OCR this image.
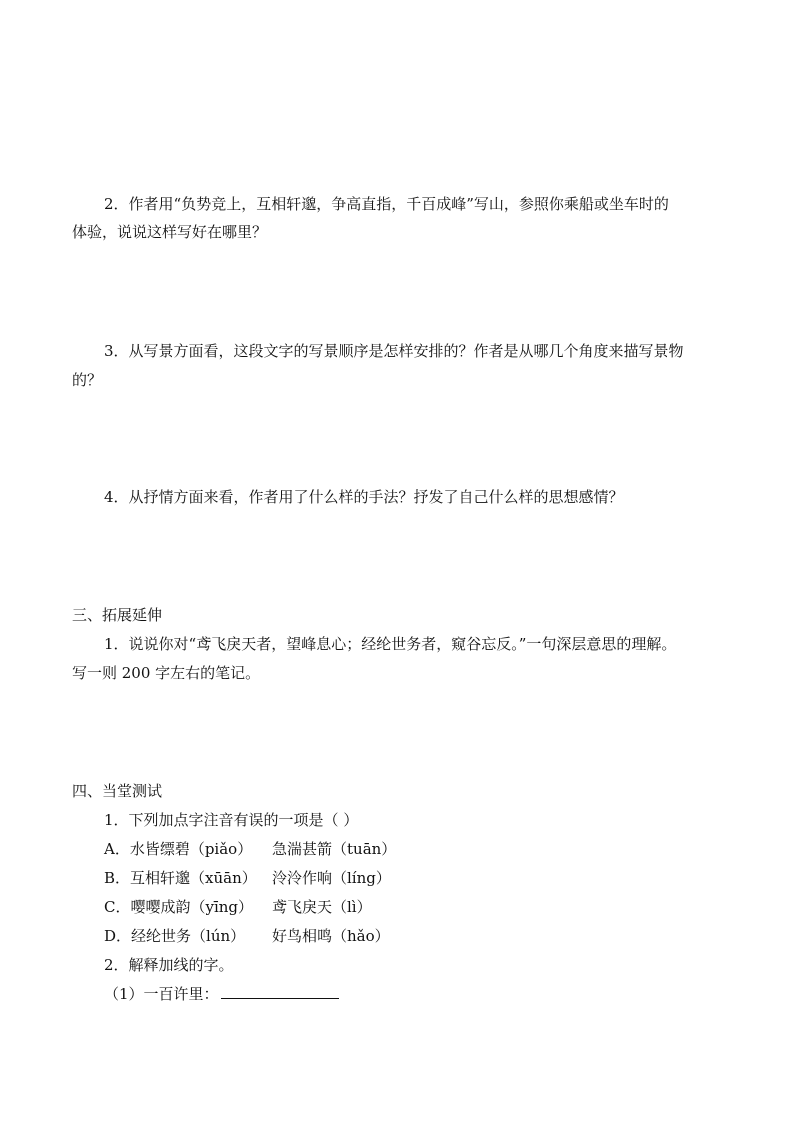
2．作者用“负势竞上，互相轩邈，争高直指，千百成峰”写山，参照你乘船或坐车时的
体验，说说这样写好在哪里？
3．从写景方面看，这段文字的写景顺序是怎样安排的？作者是从哪几个角度来描写景物
的？
4．从抒情方面来看，作者用了什么样的手法？抒发了自己什么样的思想感情？
三、拓展延伸
1．说说你对“鸢飞戾天者，望峰息心；经纶世务者，窥谷忘反。”一句深层意思的理解。
写一则 200 字左右的笔记。
四、当堂测试
1．下列加点字注音有误的一项是（ ）
A．水皆缥碧（piǎo） 急湍甚箭（tuān）
B．互相轩邈（xūān） 泠泠作响（líng）
C．嘤嘤成韵（yīng） 鸢飞戾天（lì）
D．经纶世务（lún） 好鸟相鸣（hǎo）
2．解释加线的字。
（1）一百许里：
